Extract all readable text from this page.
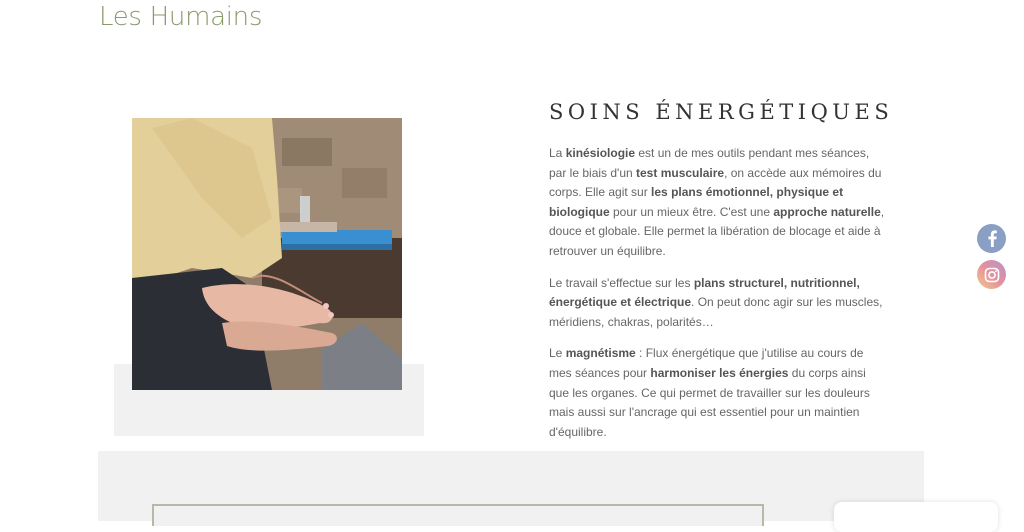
Les Humains
SOINS ÉNERGÉTIQUES

La kinésiologie est un de mes outils pendant mes séances, par le biais d'un test musculaire, on accède aux mémoires du corps. Elle agit sur les plans émotionnel, physique et biologique pour un mieux être. C'est une approche naturelle, douce et globale. Elle permet la libération de blocage et aide à retrouver un équilibre.

Le travail s'effectue sur les plans structurel, nutritionnel, énergétique et électrique. On peut donc agir sur les muscles, méridiens, chakras, polarités…

Le magnétisme : Flux énergétique que j'utilise au cours de mes séances pour harmoniser les énergies du corps ainsi que les organes. Ce qui permet de travailler sur les douleurs mais aussi sur l'ancrage qui est essentiel pour un maintien d'équilibre.
